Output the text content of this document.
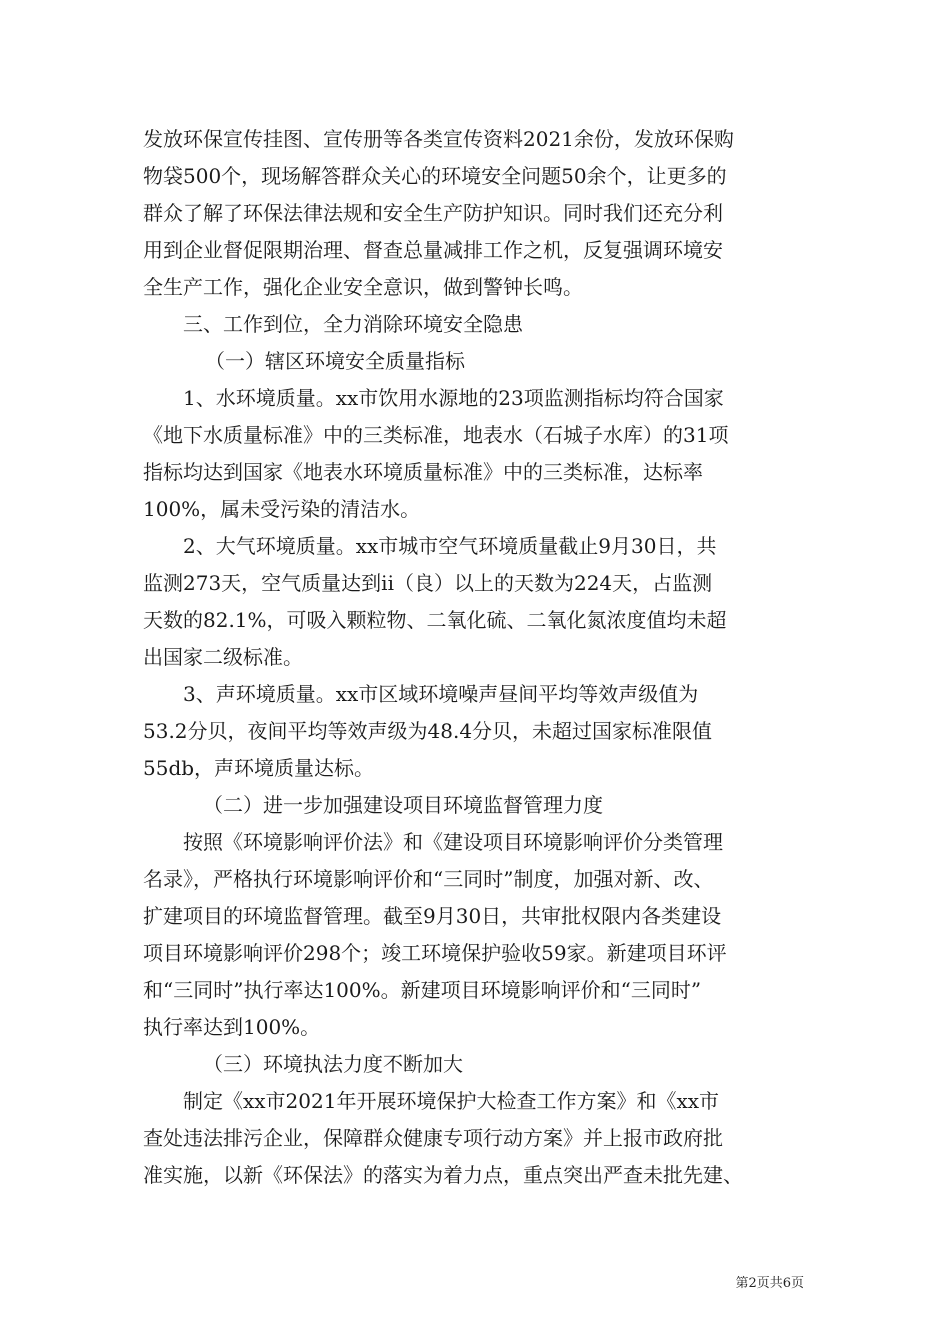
发放环保宣传挂图、宣传册等各类宣传资料2021余份，发放环保购
物袋500个，现场解答群众关心的环境安全问题50余个，让更多的
群众了解了环保法律法规和安全生产防护知识。同时我们还充分利
用到企业督促限期治理、督查总量减排工作之机，反复强调环境安
全生产工作，强化企业安全意识，做到警钟长鸣。
三、工作到位，全力消除环境安全隐患
（一）辖区环境安全质量指标
1、水环境质量。xx市饮用水源地的23项监测指标均符合国家
《地下水质量标准》中的三类标准，地表水（石城子水库）的31项
指标均达到国家《地表水环境质量标准》中的三类标准，达标率
100%，属未受污染的清洁水。
2、大气环境质量。xx市城市空气环境质量截止9月30日，共
监测273天，空气质量达到ii（良）以上的天数为224天，占监测
天数的82.1%，可吸入颗粒物、二氧化硫、二氧化氮浓度值均未超
出国家二级标准。
3、声环境质量。xx市区域环境噪声昼间平均等效声级值为
53.2分贝，夜间平均等效声级为48.4分贝，未超过国家标准限值
55db，声环境质量达标。
（二）进一步加强建设项目环境监督管理力度
按照《环境影响评价法》和《建设项目环境影响评价分类管理
名录》，严格执行环境影响评价和“三同时”制度，加强对新、改、
扩建项目的环境监督管理。截至9月30日，共审批权限内各类建设
项目环境影响评价298个；竣工环境保护验收59家。新建项目环评
和“三同时”执行率达100%。新建项目环境影响评价和“三同时”
执行率达到100%。
（三）环境执法力度不断加大
制定《xx市2021年开展环境保护大检查工作方案》和《xx市
查处违法排污企业，保障群众健康专项行动方案》并上报市政府批
准实施，以新《环保法》的落实为着力点，重点突出严查未批先建、
第2页共6页
